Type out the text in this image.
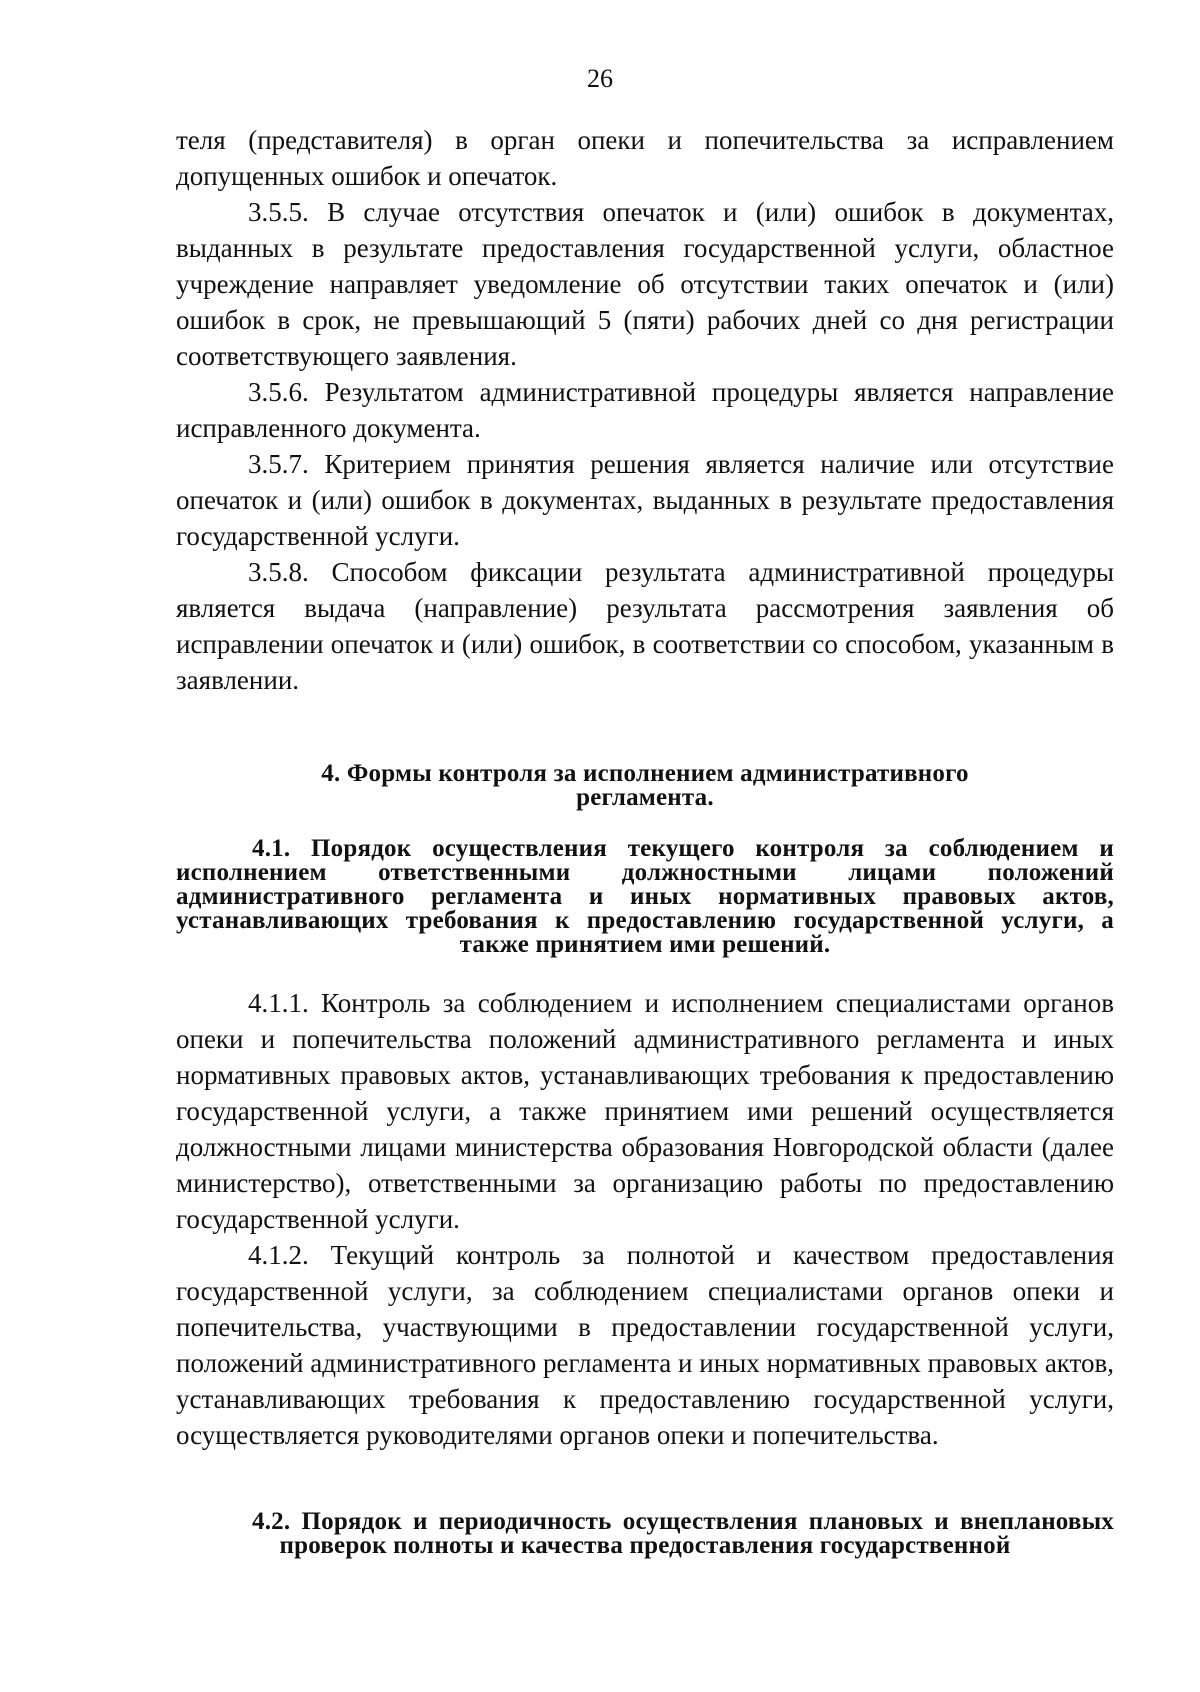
26

теля (представителя) в орган опеки и попечительства за исправлением допущенных ошибок и опечаток.

3.5.5. В случае отсутствия опечаток и (или) ошибок в документах, выданных в результате предоставления государственной услуги, областное учреждение направляет уведомление об отсутствии таких опечаток и (или) ошибок в срок, не превышающий 5 (пяти) рабочих дней со дня регистрации соответствующего заявления.

3.5.6. Результатом административной процедуры является направление исправленного документа.

3.5.7. Критерием принятия решения является наличие или отсутствие опечаток и (или) ошибок в документах, выданных в результате предоставления государственной услуги.

3.5.8. Способом фиксации результата административной процедуры является выдача (направление) результата рассмотрения заявления об исправлении опечаток и (или) ошибок, в соответствии со способом, указанным в заявлении.

4. Формы контроля за исполнением административного

регламента.

4.1. Порядок осуществления текущего контроля за соблюдением и исполнением ответственными должностными лицами положений административного регламента и иных нормативных правовых актов, устанавливающих требования к предоставлению государственной услуги, а также принятием ими решений.

4.1.1. Контроль за соблюдением и исполнением специалистами органов опеки и попечительства положений административного регламента и иных нормативных правовых актов, устанавливающих требования к предоставлению государственной услуги, а также принятием ими решений осуществляется должностными лицами министерства образования Новгородской области (далее министерство), ответственными за организацию работы по предоставлению государственной услуги.

4.1.2. Текущий контроль за полнотой и качеством предоставления государственной услуги, за соблюдением специалистами органов опеки и попечительства, участвующими в предоставлении государственной услуги, положений административного регламента и иных нормативных правовых актов, устанавливающих требования к предоставлению государственной услуги, осуществляется руководителями органов опеки и попечительства.

4.2. Порядок и периодичность осуществления плановых и внеплановых проверок полноты и качества предоставления государственной
